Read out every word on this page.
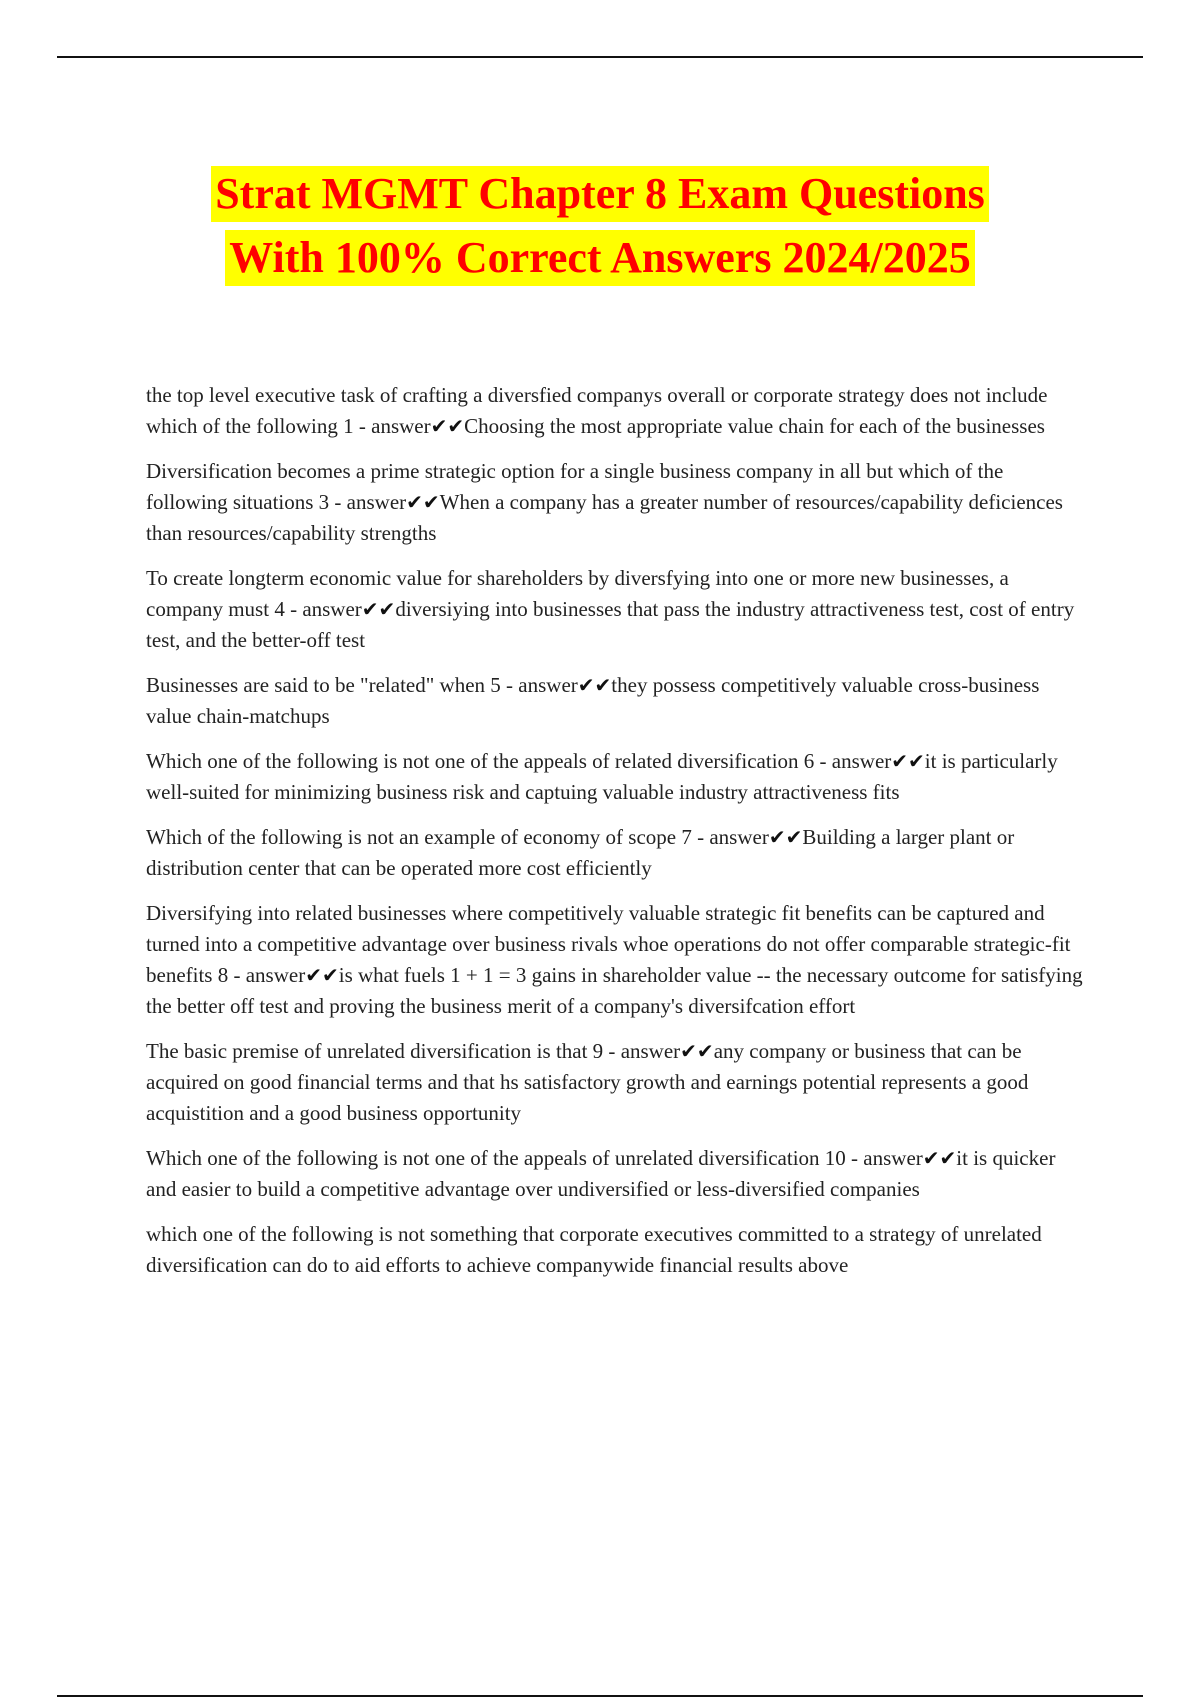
Strat MGMT Chapter 8 Exam Questions
With 100% Correct Answers 2024/2025

the top level executive task of crafting a diversfied companys overall or corporate strategy does not include which of the following 1 - answer✔✔Choosing the most appropriate value chain for each of the businesses

Diversification becomes a prime strategic option for a single business company in all but which of the following situations 3 - answer✔✔When a company has a greater number of resources/capability deficiences than resources/capability strengths

To create longterm economic value for shareholders by diversfying into one or more new businesses, a company must 4 - answer✔✔diversiying into businesses that pass the industry attractiveness test, cost of entry test, and the better-off test

Businesses are said to be "related" when 5 - answer✔✔they possess competitively valuable cross-business value chain-matchups

Which one of the following is not one of the appeals of related diversification 6 - answer✔✔it is particularly well-suited for minimizing business risk and captuing valuable industry attractiveness fits

Which of the following is not an example of economy of scope 7 - answer✔✔Building a larger plant or distribution center that can be operated more cost efficiently

Diversifying into related businesses where competitively valuable strategic fit benefits can be captured and turned into a competitive advantage over business rivals whoe operations do not offer comparable strategic-fit benefits 8 - answer✔✔is what fuels 1 + 1 = 3 gains in shareholder value -- the necessary outcome for satisfying the better off test and proving the business merit of a company's diversifcation effort

The basic premise of unrelated diversification is that 9 - answer✔✔any company or business that can be acquired on good financial terms and that hs satisfactory growth and earnings potential represents a good acquistition and a good business opportunity

Which one of the following is not one of the appeals of unrelated diversification 10 - answer✔✔it is quicker and easier to build a competitive advantage over undiversified or less-diversified companies

which one of the following is not something that corporate executives committed to a strategy of unrelated diversification can do to aid efforts to achieve companywide financial results above
